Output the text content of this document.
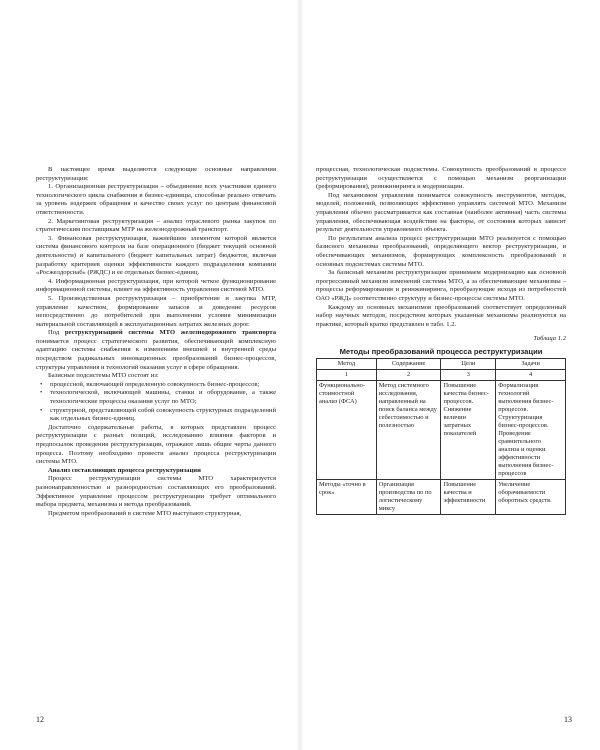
В настоящее время выделяются следующие основные направления реструктуризации:

1. Организационная реструктуризация – объединение всех участников единого технологического цикла снабжения в бизнес-единицы, способные реально отвечать за уровень издержек обращения и качество своих услуг по центрам финансовой ответственности.

2. Маркетинговая реструктуризация – анализ отраслевого рынка закупок по стратегическим поставщикам МТР на железнодорожный транспорт.

3. Финансовая реструктуризация, важнейшим элементом которой является система финансового контроля на базе операционного (бюджет текущей основной деятельности) и капитального (бюджет капитальных затрат) бюджетов, включая разработку критериев оценки эффективности каждого подразделения компании «Росжелдорснаб» (РЖДС) и ее отдельных бизнес-единиц.

4. Информационная реструктуризация, при которой четкое функционирование информационной системы, влияет на эффективность управления системой МТО.

5. Производственная реструктуризация – приобретение и закупка МТР, управление качеством, формирование запасов и доведение ресурсов непосредственно до потребителей при выполнении условия минимизации материальной составляющей в эксплуатационных затратах железных дорог.

Под реструктуризацией системы МТО железнодорожного транспорта понимается процесс стратегического развития, обеспечивающий комплексную адаптацию системы снабжения к изменениям внешней и внутренней среды посредством радикальных инновационных преобразований бизнес-процессов, структуры управления и технологий оказания услуг в сфере обращения.

Базисные подсистемы МТО состоят из:

• процессной, включающей определенную совокупность бизнес-процессов;
• технологической, включающей машины, станки и оборудование, а также технологические процессы оказания услуг по МТО;
• структурной, представляющей собой совокупность структурных подразделений как отдельных бизнес-единиц.

Достаточно содержательные работы, в которых представлен процесс реструктуризации с разных позиций, исследованию влияния факторов и предпосылок проведения реструктуризации, отражают лишь общие черты данного процесса. Поэтому необходимо провести анализ процесса реструктуризации системы МТО.

Анализ составляющих процесса реструктуризации

Процесс реструктуризации системы МТО характеризуется разнонаправленностью и разнородностью составляющих его преобразований. Эффективное управление процессом реструктуризации требует оптимального выбора предмета, механизма и метода преобразований.

Предметом преобразований в системе МТО выступают структурная,

12

процессная, технологическая подсистемы. Совокупность преобразований в процессе реструктуризации осуществляется с помощью механизм реорганизации (реформирования), реинжиниринга и модернизации.

Под механизмом управления понимается совокупность инструментов, методик, моделей, положений, позволяющих эффективно управлять системой МТО. Механизм управления обычно рассматривается как составная (наиболее активная) часть системы управления, обеспечивающая воздействие на факторы, от состояния которых зависит результат деятельности управляемого объекта.

По результатам анализа процесс реструктуризации МТО реализуется с помощью базисного механизма преобразований, определяющего вектор реструктуризации, и обеспечивающих механизмов, формирующих комплексность преобразований в основных подсистемах системы МТО.

За базисный механизм реструктуризации принимаем модернизацию как основной прогрессивный механизм изменений системы МТО, а за обеспечивающие механизмы – процессы реформирования и реинжиниринга, преобразующие исходя из потребностей ОАО «РЖД» соответственно структуру и бизнес-процессы системы МТО.

Каждому из основных механизмов преобразований соответствует определенный набор научных методов, посредством которых указанные механизмы реализуются на практике, который кратко представлен в табл. 1.2.

Таблица 1.2
Методы преобразований процесса реструктуризации
Метод	Содержание	Цели	Задачи
1	2	3	4
Функционально-стоимостной анализ (ФСА)	Метод системного исследования, направленный на поиск баланса между себестоимостью и полезностью	Повышение качества бизнес-процессов. Снижение величин затратных показателей	Формализация технологий выполнения бизнес-процессов. Структуризация бизнес-процессов. Проведение сравнительного анализа и оценки эффективности выполнения бизнес-процессов
Методы «точно в срок»	Организация производства по по логистическому миксу	Повышение качества и эффективности	Увеличение оборачиваемости оборотных средств.
13
